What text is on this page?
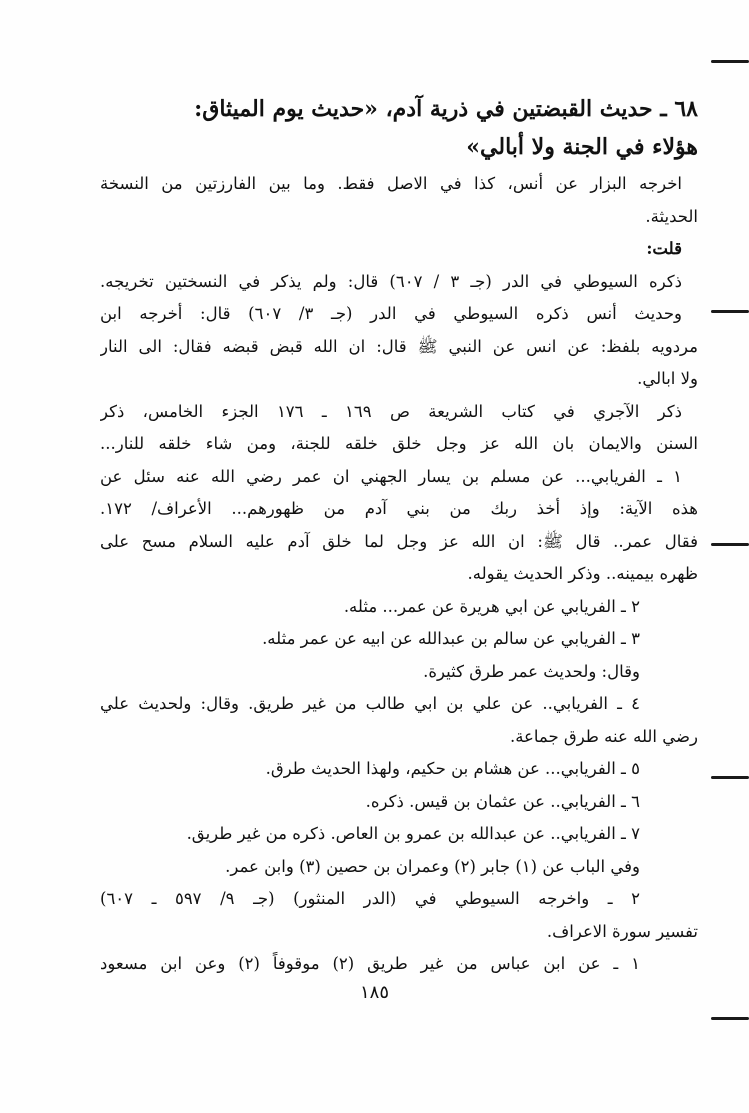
٦٨ ـ حديث القبضتين في ذرية آدم، «حديث يوم الميثاق:
هؤلاء في الجنة ولا أبالي»
اخرجه البزار عن أنس، كذا في الاصل فقط. وما بين الفارزتين من النسخة
الحديثة.
قلت:
ذكره السيوطي في الدر (جـ ٣ / ٦٠٧) قال: ولم يذكر في النسختين تخريجه.
وحديث أنس ذكره السيوطي في الدر (جـ ٣/ ٦٠٧) قال: أخرجه ابن
مردويه بلفظ: عن انس عن النبي ﷺ قال: ان الله قبض قبضه فقال: الى النار
ولا ابالي.
ذكر الآجري في كتاب الشريعة ص ١٦٩ ـ ١٧٦ الجزء الخامس، ذكر
السنن والايمان بان الله عز وجل خلق خلقه للجنة، ومن شاء خلقه للنار...
١ ـ الفريابي... عن مسلم بن يسار الجهني ان عمر رضي الله عنه سئل عن
هذه الآية: وإذ أخذ ربك من بني آدم من ظهورهم... الأعراف/ ١٧٢.
فقال عمر.. قال ﷺ: ان الله عز وجل لما خلق آدم عليه السلام مسح على
ظهره بيمينه.. وذكر الحديث يقوله.
٢ ـ الفريابي عن ابي هريرة عن عمر... مثله.
٣ ـ الفريابي عن سالم بن عبدالله عن ابيه عن عمر مثله.
وقال: ولحديث عمر طرق كثيرة.
٤ ـ الفريابي.. عن علي بن ابي طالب من غير طريق. وقال: ولحديث علي
رضي الله عنه طرق جماعة.
٥ ـ الفريابي... عن هشام بن حكيم، ولهذا الحديث طرق.
٦ ـ الفريابي.. عن عثمان بن قيس. ذكره.
٧ ـ الفريابي.. عن عبدالله بن عمرو بن العاص. ذكره من غير طريق.
وفي الباب عن (١) جابر (٢) وعمران بن حصين (٣) وابن عمر.
٢ ـ واخرجه السيوطي في (الدر المنثور) (جـ ٩/ ٥٩٧ ـ ٦٠٧)
تفسير سورة الاعراف.
١ ـ عن ابن عباس من غير طريق (٢) موقوفاً (٢) وعن ابن مسعود
١٨٥
